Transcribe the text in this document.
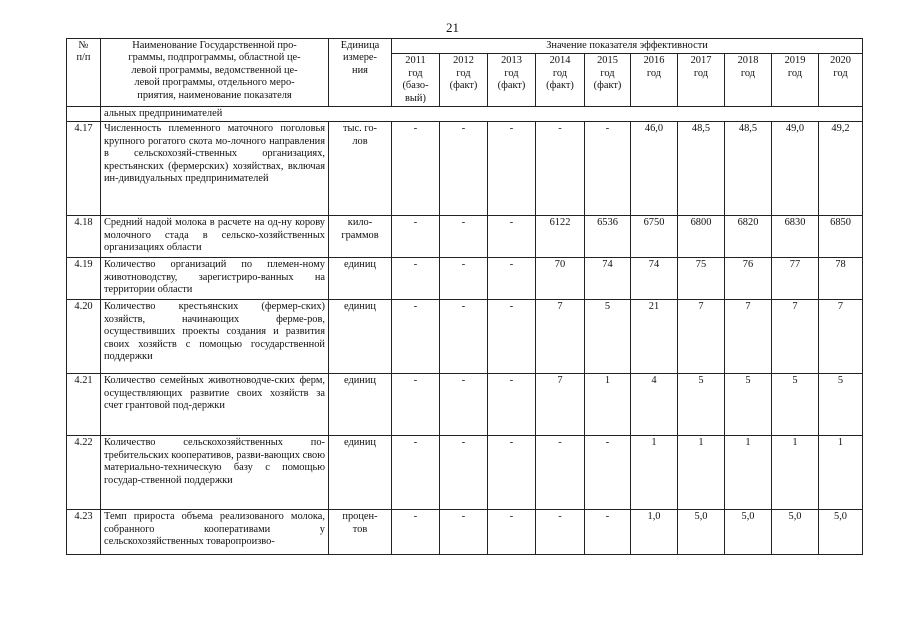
21
№
п/п	Наименование Государственной про-
граммы, подпрограммы, областной це-
левой программы, ведомственной це-
левой программы, отдельного меро-
приятия, наименование показателя	Единица
измере-
ния	Значение показателя эффективности									
			2011
год
(базо-
вый)	2012
год
(факт)	2013
год
(факт)	2014
год
(факт)	2015
год
(факт)	2016
год	2017
год	2018
год	2019
год	2020
год
	альных предпринимателей											
4.17	Численность племенного маточного поголовья крупного рогатого скота мо-лочного направления в сельскохозяй-ственных организациях, крестьянских (фермерских) хозяйствах, включая ин-дивидуальных предпринимателей	тыс. го-
лов	-	-	-	-	-	46,0	48,5	48,5	49,0	49,2
4.18	Средний надой молока в расчете на од-ну корову молочного стада в сельско-хозяйственных организациях области	кило-
граммов	-	-	-	6122	6536	6750	6800	6820	6830	6850
4.19	Количество организаций по племен-ному животноводству, зарегистриро-ванных на территории области	единиц	-	-	-	70	74	74	75	76	77	78
4.20	Количество крестьянских (фермер-ских) хозяйств, начинающих ферме-ров, осуществивших проекты создания и развития своих хозяйств с помощью государственной поддержки	единиц	-	-	-	7	5	21	7	7	7	7
4.21	Количество семейных животноводче-ских ферм, осуществляющих развитие своих хозяйств за счет грантовой под-держки	единиц	-	-	-	7	1	4	5	5	5	5
4.22	Количество сельскохозяйственных по-требительских кооперативов, разви-вающих свою материально-техническую базу с помощью государ-ственной поддержки	единиц	-	-	-	-	-	1	1	1	1	1
4.23	Темп прироста объема реализованого молока, собранного кооперативами у сельскохозяйственных товаропроизво-	процен-
тов	-	-	-	-	-	1,0	5,0	5,0	5,0	5,0
